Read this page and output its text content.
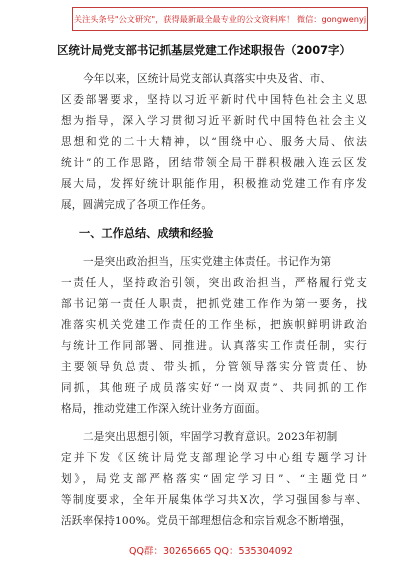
关注头条号"公文研究"，获得最新最全最专业的公文资料库！ 微信：gongwenyj
区统计局党支部书记抓基层党建工作述职报告（2007字）
今年以来，区统计局党支部认真落实中央及省、市、
区委部署要求，坚持以习近平新时代中国特色社会主义思
想为指导，深入学习贯彻习近平新时代中国特色社会主义
思想和党的二十大精神，以“围绕中心、服务大局、依法
统计”的工作思路，团结带领全局干群积极融入连云区发
展大局，发挥好统计职能作用，积极推动党建工作有序发
展，圆满完成了各项工作任务。
一、工作总结、成绩和经验
一是突出政治担当，压实党建主体责任。书记作为第
一责任人，坚持政治引领，突出政治担当，严格履行党支
部书记第一责任人职责，把抓党建工作作为第一要务，找
准落实机关党建工作责任的工作坐标，把族帜鲜明讲政治
与统计工作同部署、同推进。认真落实工作责任制，实行
主要领导负总责、带头抓，分管领导落实分管责任、协
同抓，其他班子成员落实好“一岗双责”、共同抓的工作
格局，推动党建工作深入统计业务方面面。
二是突出思想引领，牢固学习教育意识。2023年初制
定并下发《区统计局党支部理论学习中心组专题学习计
划》，局党支部严格落实“固定学习日”、“主题党日”
等制度要求，全年开展集体学习共X次，学习强国参与率、
活跃率保持100%。党员干部理想信念和宗旨观念不断增强，
QQ群：30265665 QQ：535304092
